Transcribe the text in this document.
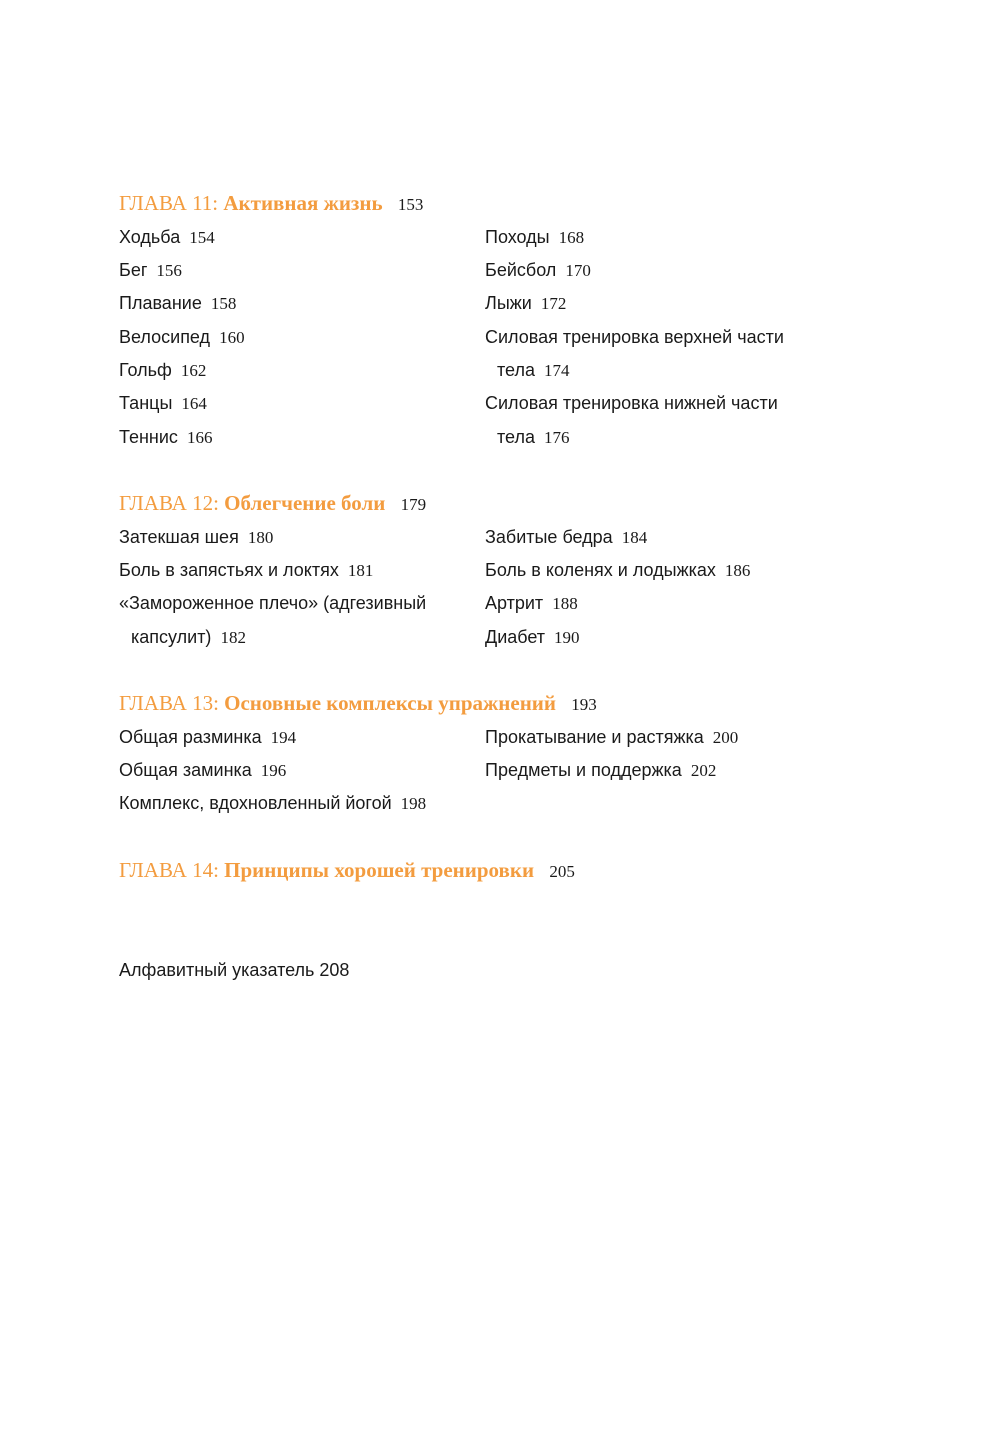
ГЛАВА 11: Активная жизнь 153
Ходьба 154
Бег 156
Плавание 158
Велосипед 160
Гольф 162
Танцы 164
Теннис 166
Походы 168
Бейсбол 170
Лыжи 172
Силовая тренировка верхней части
тела 174
Силовая тренировка нижней части
тела 176
ГЛАВА 12: Облегчение боли 179
Затекшая шея 180
Боль в запястьях и локтях 181
«Замороженное плечо» (адгезивный
капсулит) 182
Забитые бедра 184
Боль в коленях и лодыжках 186
Артрит 188
Диабет 190
ГЛАВА 13: Основные комплексы упражнений 193
Общая разминка 194
Общая заминка 196
Комплекс, вдохновленный йогой 198
Прокатывание и растяжка 200
Предметы и поддержка 202
ГЛАВА 14: Принципы хорошей тренировки 205
Алфавитный указатель 208
